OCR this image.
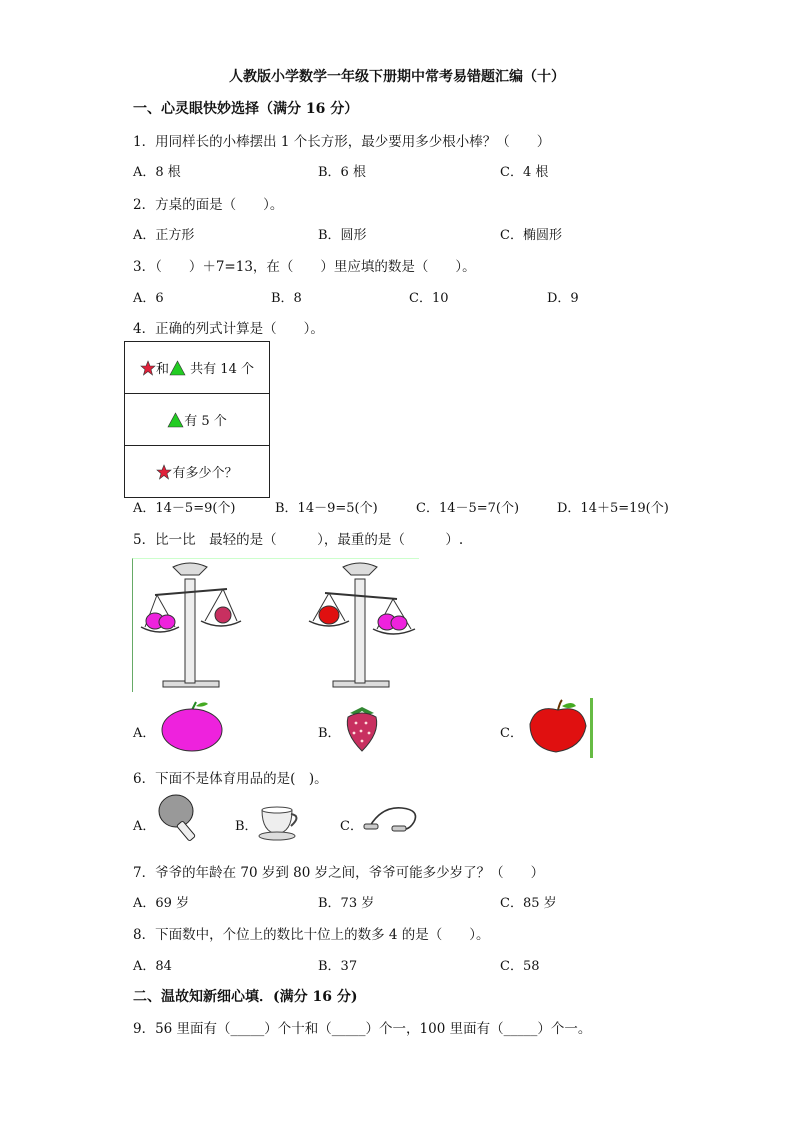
人教版小学数学一年级下册期中常考易错题汇编（十）
一、心灵眼快妙选择（满分 16 分）
1．用同样长的小棒摆出 1 个长方形，最少要用多少根小棒？（　　）
A．8 根	B．6 根	C．4 根
2．方桌的面是（　　）。
A．正方形	B．圆形	C．椭圆形
3．（　　）＋7=13，在（　　）里应填的数是（　　）。
A．6	B．8	C．10	D．9
4．正确的列式计算是（　　）。
和 共有 14 个
有 5 个
有多少个？
A．14－5=9(个)	B．14－9=5(个)	C．14－5=7(个)	D．14＋5=19(个)
5．比一比　最轻的是（　　　），最重的是（　　　）.
A．	B．	C．
6．下面不是体育用品的是(　)。
A．	B．	C．
7．爷爷的年龄在 70 岁到 80 岁之间，爷爷可能多少岁了？（　　）
A．69 岁	B．73 岁	C．85 岁
8．下面数中，个位上的数比十位上的数多 4 的是（　　）。
A．84	B．37	C．58
二、温故知新细心填．(满分 16 分)
9．56 里面有（_____）个十和（_____）个一，100 里面有（_____）个一。
